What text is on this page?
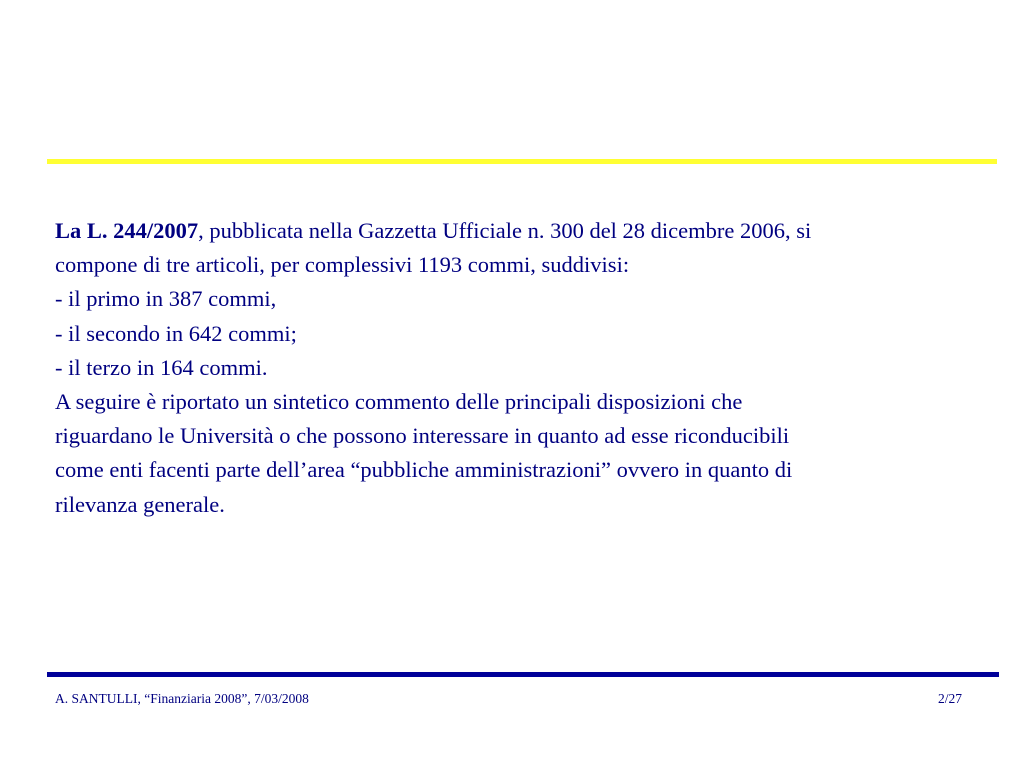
La L. 244/2007, pubblicata nella Gazzetta Ufficiale n. 300 del 28 dicembre 2006, si
compone di tre articoli, per complessivi 1193 commi, suddivisi:
- il primo in 387 commi,
- il secondo in 642 commi;
- il terzo in 164 commi.
A seguire è riportato un sintetico commento delle principali disposizioni che
riguardano le Università o che possono interessare in quanto ad esse riconducibili
come enti facenti parte dell’area “pubbliche amministrazioni” ovvero in quanto di
rilevanza generale.
A. SANTULLI, “Finanziaria 2008”, 7/03/2008	2/27
